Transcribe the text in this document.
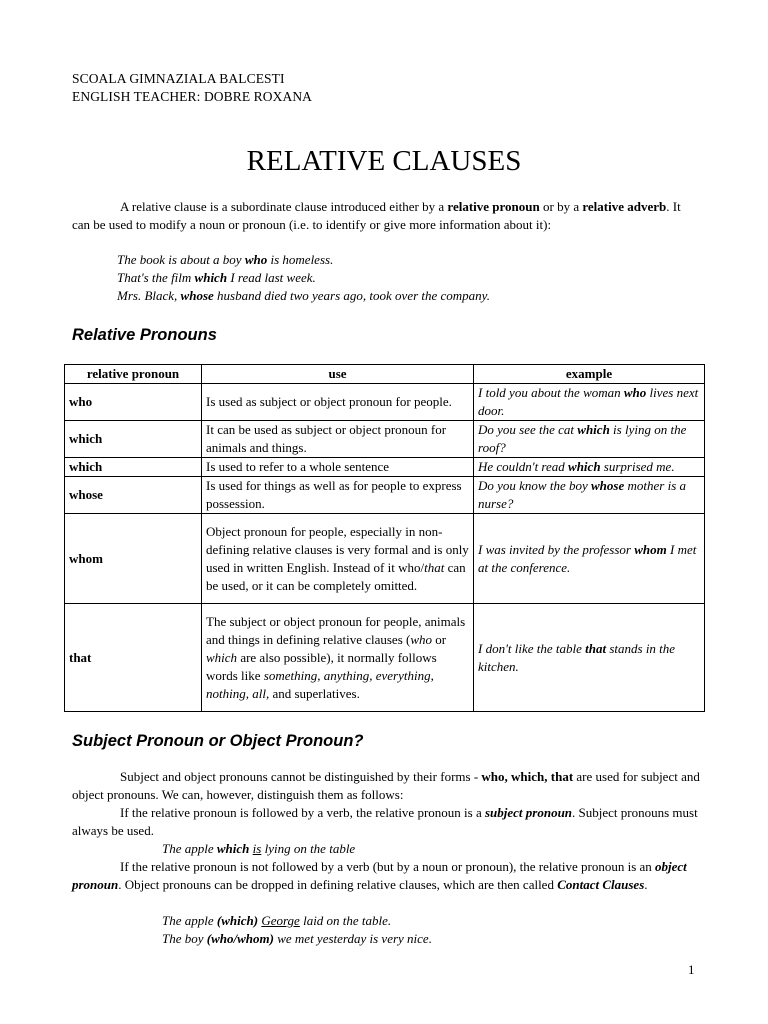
SCOALA GIMNAZIALA BALCESTI
ENGLISH TEACHER: DOBRE ROXANA
RELATIVE CLAUSES
A relative clause is a subordinate clause introduced either by a relative pronoun or by a relative adverb. It can be used to modify a noun or pronoun (i.e. to identify or give more information about it):
The book is about a boy who is homeless.
That's the film which I read last week.
Mrs. Black, whose husband died two years ago, took over the company.
Relative Pronouns
relative pronoun	use	example
who	Is used as subject or object pronoun for people.	I told you about the woman who lives next door.
which	It can be used as subject or object pronoun for animals and things.	Do you see the cat which is lying on the roof?
which	Is used to refer to a whole sentence	He couldn't read which surprised me.
whose	Is used for things as well as for people to express possession.	Do you know the boy whose mother is a nurse?
whom	Object pronoun for people, especially in non-defining relative clauses is very formal and is only used in written English. Instead of it who/that can be used, or it can be completely omitted.	I was invited by the professor whom I met at the conference.
that	The subject or object pronoun for people, animals and things in defining relative clauses (who or which are also possible), it normally follows words like something, anything, everything, nothing, all, and superlatives.	I don't like the table that stands in the kitchen.
Subject Pronoun or Object Pronoun?
Subject and object pronouns cannot be distinguished by their forms - who, which, that are used for subject and object pronouns. We can, however, distinguish them as follows:
If the relative pronoun is followed by a verb, the relative pronoun is a subject pronoun. Subject pronouns must always be used.
The apple which is lying on the table
If the relative pronoun is not followed by a verb (but by a noun or pronoun), the relative pronoun is an object pronoun. Object pronouns can be dropped in defining relative clauses, which are then called Contact Clauses.
The apple (which) George laid on the table.
The boy (who/whom) we met yesterday is very nice.
1
